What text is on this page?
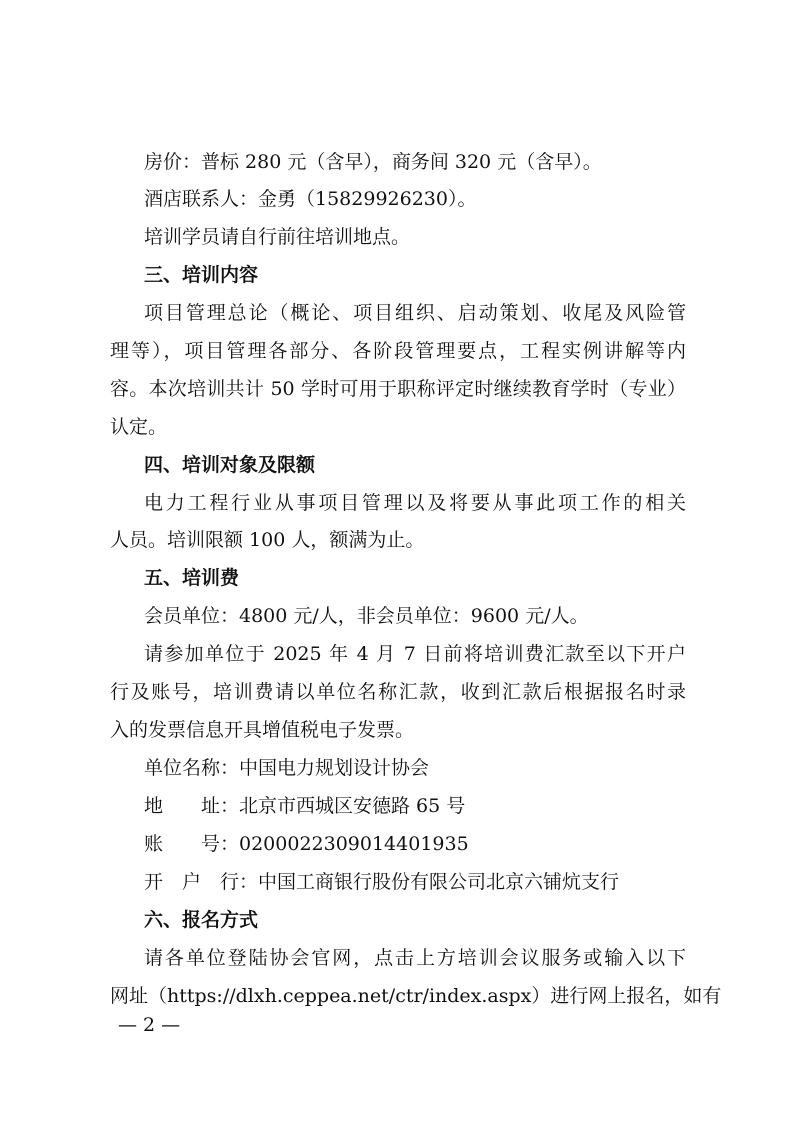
房价：普标 280 元（含早），商务间 320 元（含早）。
酒店联系人：金勇（15829926230）。
培训学员请自行前往培训地点。
三、培训内容
项目管理总论（概论、项目组织、启动策划、收尾及风险管
理等），项目管理各部分、各阶段管理要点，工程实例讲解等内
容。本次培训共计 50 学时可用于职称评定时继续教育学时（专业）
认定。
四、培训对象及限额
电力工程行业从事项目管理以及将要从事此项工作的相关
人员。培训限额 100 人，额满为止。
五、培训费
会员单位：4800 元/人，非会员单位：9600 元/人。
请参加单位于 2025 年 4 月 7 日前将培训费汇款至以下开户
行及账号，培训费请以单位名称汇款，收到汇款后根据报名时录
入的发票信息开具增值税电子发票。
单位名称：中国电力规划设计协会
地　　址：北京市西城区安德路 65 号
账　　号：0200022309014401935
开　户　行：中国工商银行股份有限公司北京六铺炕支行
六、报名方式
请各单位登陆协会官网，点击上方培训会议服务或输入以下
网址（https://dlxh.ceppea.net/ctr/index.aspx）进行网上报名，如有
— 2 —
